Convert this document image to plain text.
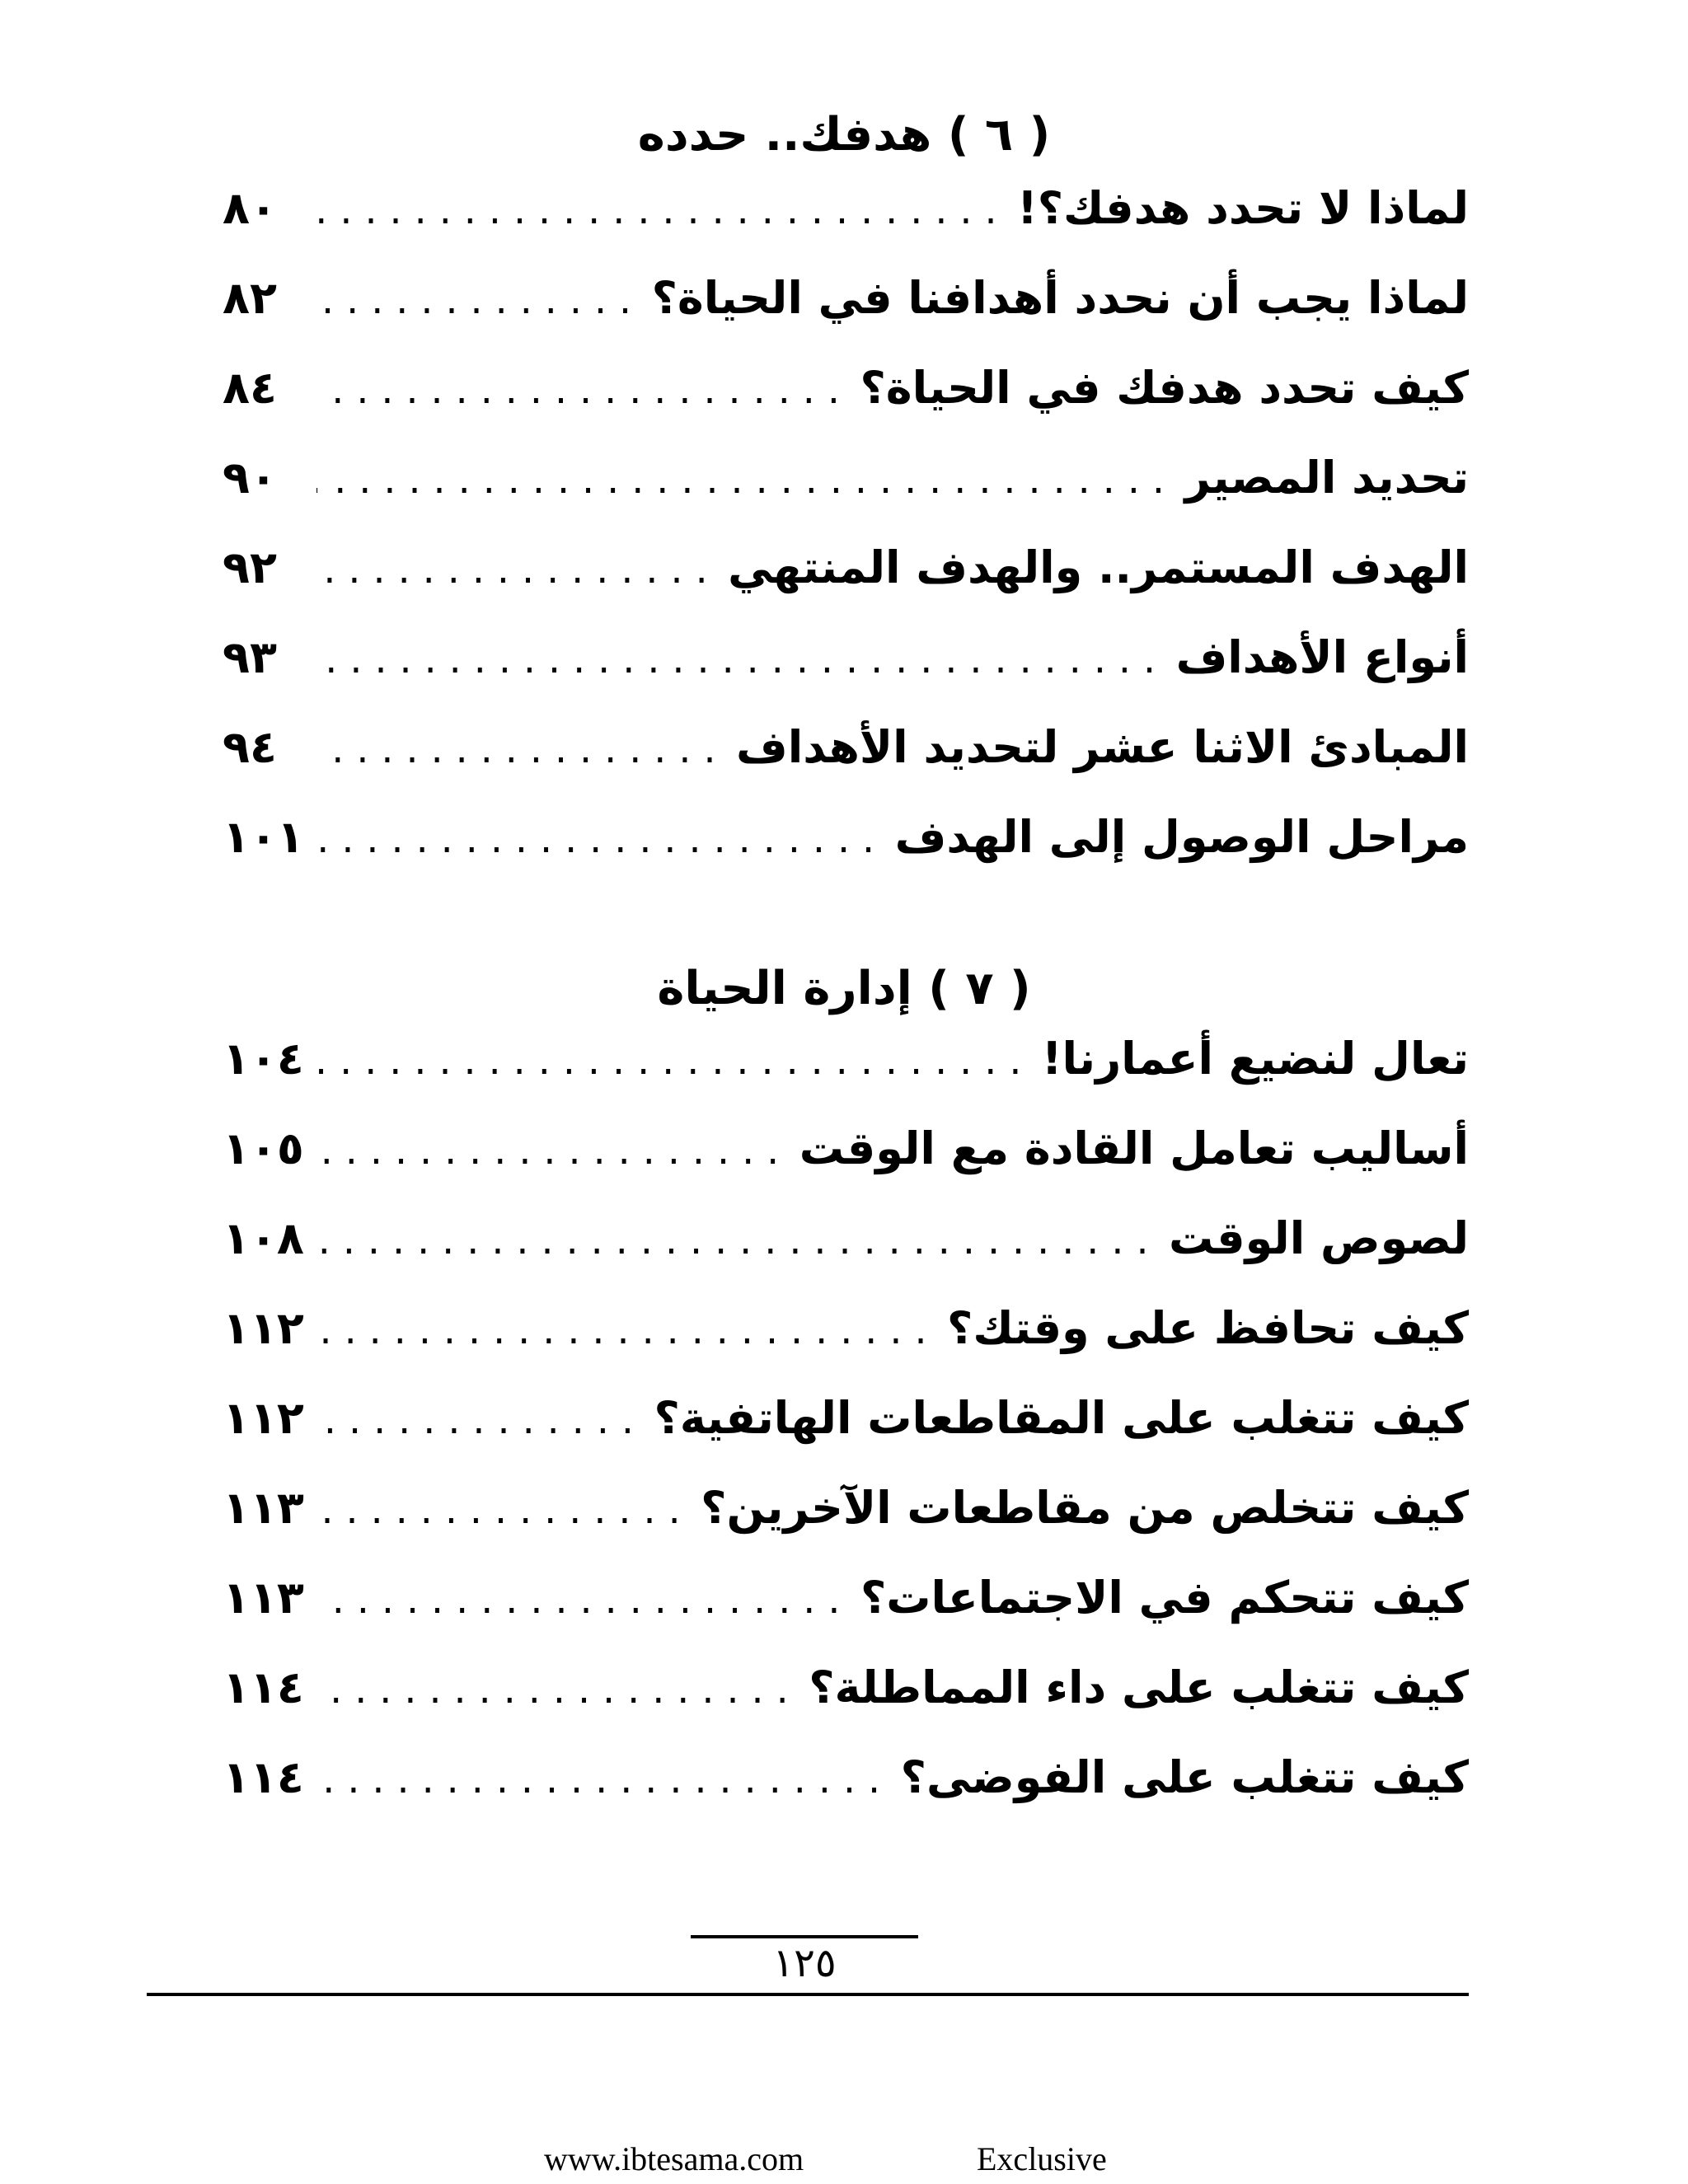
( ٦ ) هدفك.. حدده
لماذا لا تحدد هدفك؟!
.....
٨٠
لماذا يجب أن نحدد أهدافنا في الحياة؟
.....
٨٢
كيف تحدد هدفك في الحياة؟
.....
٨٤
تحديد المصير
.....
٩٠
الهدف المستمر.. والهدف المنتهي
.....
٩٢
أنواع الأهداف
.....
٩٣
المبادئ الاثنا عشر لتحديد الأهداف
.....
٩٤
مراحل الوصول إلى الهدف
.....
١٠١
( ٧ ) إدارة الحياة
تعال لنضيع أعمارنا!
.....
١٠٤
أساليب تعامل القادة مع الوقت
.....
١٠٥
لصوص الوقت
.....
١٠٨
كيف تحافظ على وقتك؟
.....
١١٢
كيف تتغلب على المقاطعات الهاتفية؟
.....
١١٢
كيف تتخلص من مقاطعات الآخرين؟
.....
١١٣
كيف تتحكم في الاجتماعات؟
.....
١١٣
كيف تتغلب على داء المماطلة؟
.....
١١٤
كيف تتغلب على الفوضى؟
.....
١١٤
١٢٥
www.ibtesama.com	Exclusive
